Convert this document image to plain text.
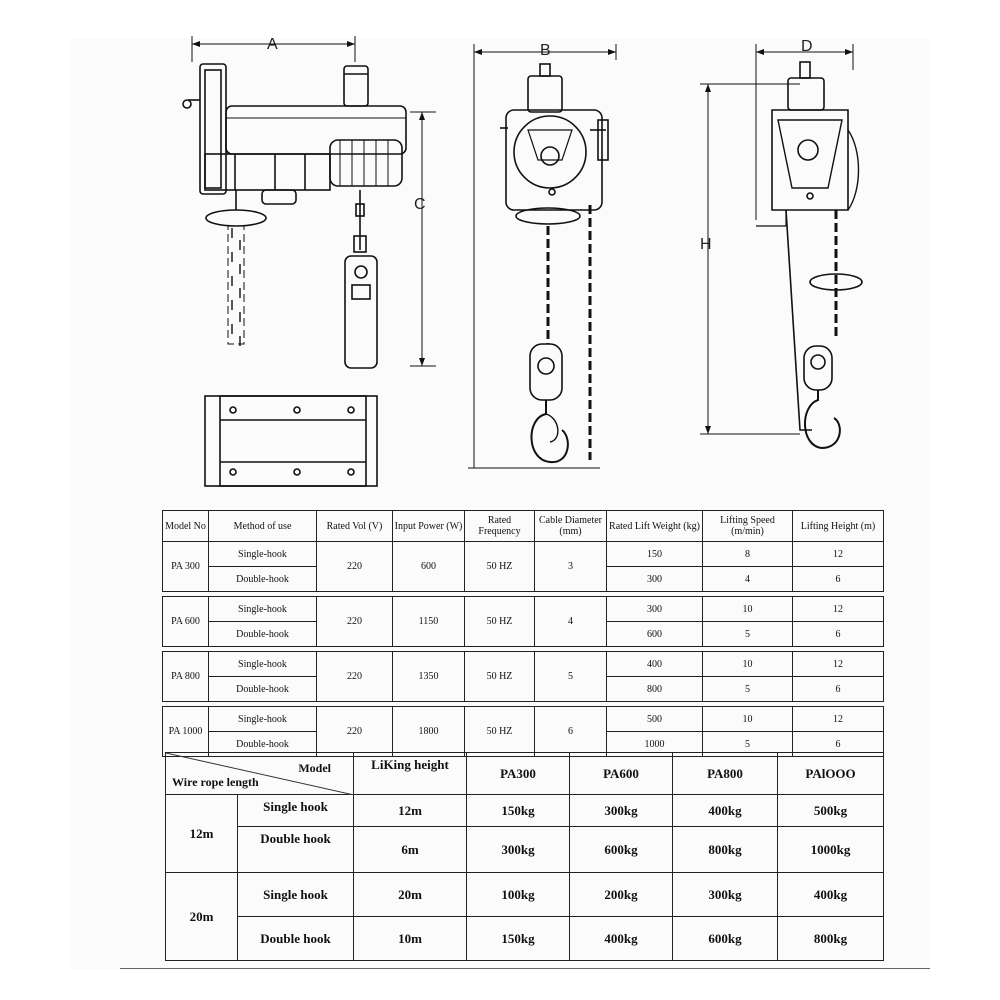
A
C
B	D
H
Model No	Method of use	Rated Vol (V)	Input Power (W)	Rated Frequency	Cable Diameter (mm)	Rated Lift Weight (kg)	Lifting Speed (m/min)	Lifting Height (m)
PA 300	Single-hook	220	600	50 HZ	3	150	8	12
	Double-hook					300	4	6

PA 600	Single-hook	220	1150	50 HZ	4	300	10	12
	Double-hook					600	5	6

PA 800	Single-hook	220	1350	50 HZ	5	400	10	12
	Double-hook					800	5	6

PA 1000	Single-hook	220	1800	50 HZ	6	500	10	12
	Double-hook					1000	5	6
Model
Wire rope length		LiKing height	PA300	PA600	PA800	PAlOOO
12m	Single hook	12m	150kg	300kg	400kg	500kg
	Double hook	6m	300kg	600kg	800kg	1000kg
20m	Single hook	20m	100kg	200kg	300kg	400kg
	Double hook	10m	150kg	400kg	600kg	800kg
